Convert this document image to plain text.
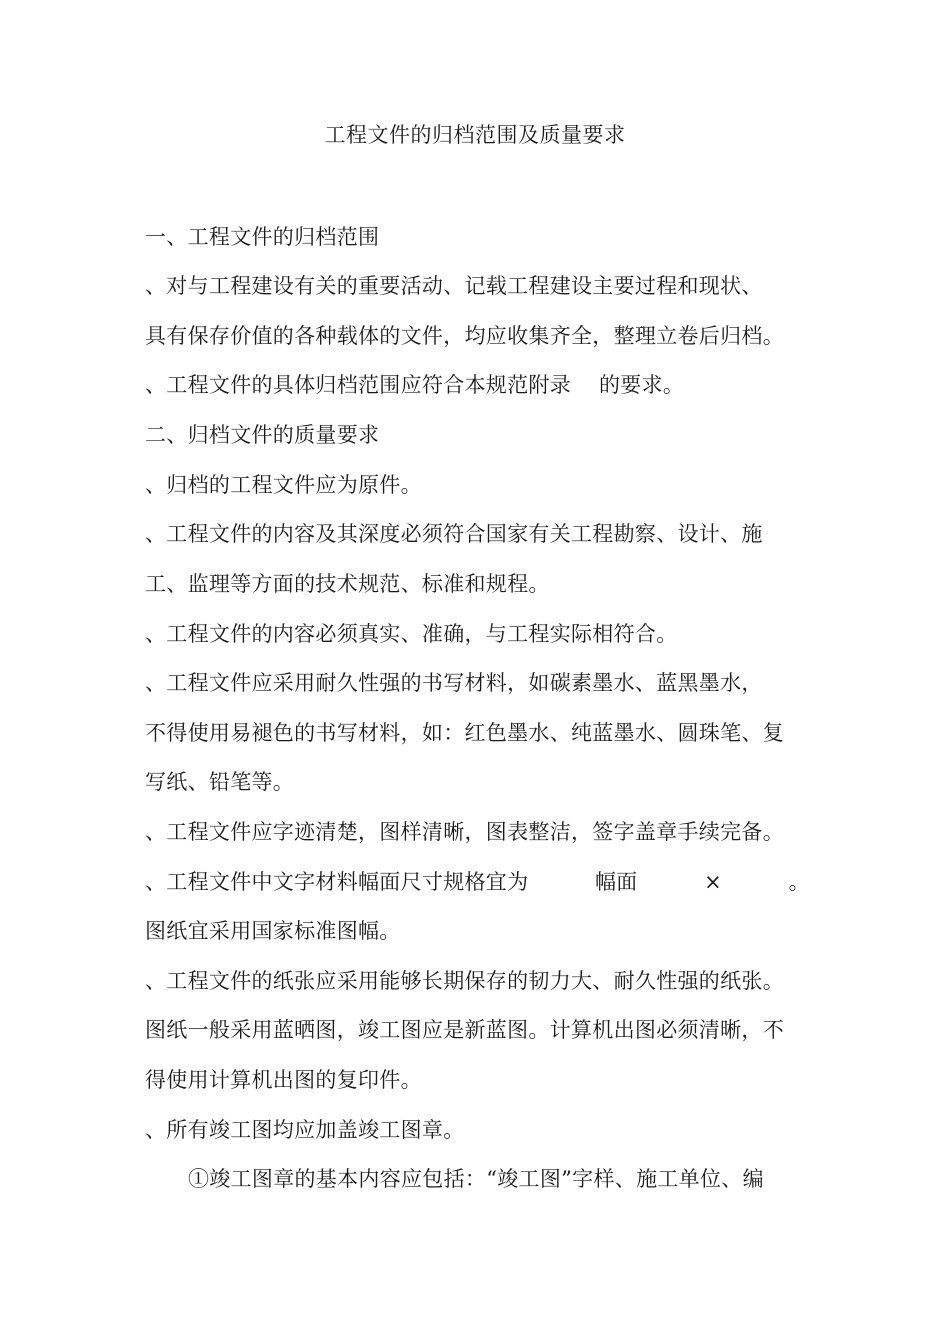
工程文件的归档范围及质量要求
一、工程文件的归档范围
、对与工程建设有关的重要活动、记载工程建设主要过程和现状、
具有保存价值的各种载体的文件，均应收集齐全，整理立卷后归档。
、工程文件的具体归档范围应符合本规范附录 的要求。
二、归档文件的质量要求
、归档的工程文件应为原件。
、工程文件的内容及其深度必须符合国家有关工程勘察、设计、施
工、监理等方面的技术规范、标准和规程。
、工程文件的内容必须真实、准确，与工程实际相符合。
、工程文件应采用耐久性强的书写材料，如碳素墨水、蓝黑墨水，
不得使用易褪色的书写材料，如：红色墨水、纯蓝墨水、圆珠笔、复
写纸、铅笔等。
、工程文件应字迹清楚，图样清晰，图表整洁，签字盖章手续完备。
、工程文件中文字材料幅面尺寸规格宜为	幅面	×	。
图纸宜采用国家标准图幅。
、工程文件的纸张应采用能够长期保存的韧力大、耐久性强的纸张。
图纸一般采用蓝晒图，竣工图应是新蓝图。计算机出图必须清晰，不
得使用计算机出图的复印件。
、所有竣工图均应加盖竣工图章。
①竣工图章的基本内容应包括：“竣工图”字样、施工单位、编
